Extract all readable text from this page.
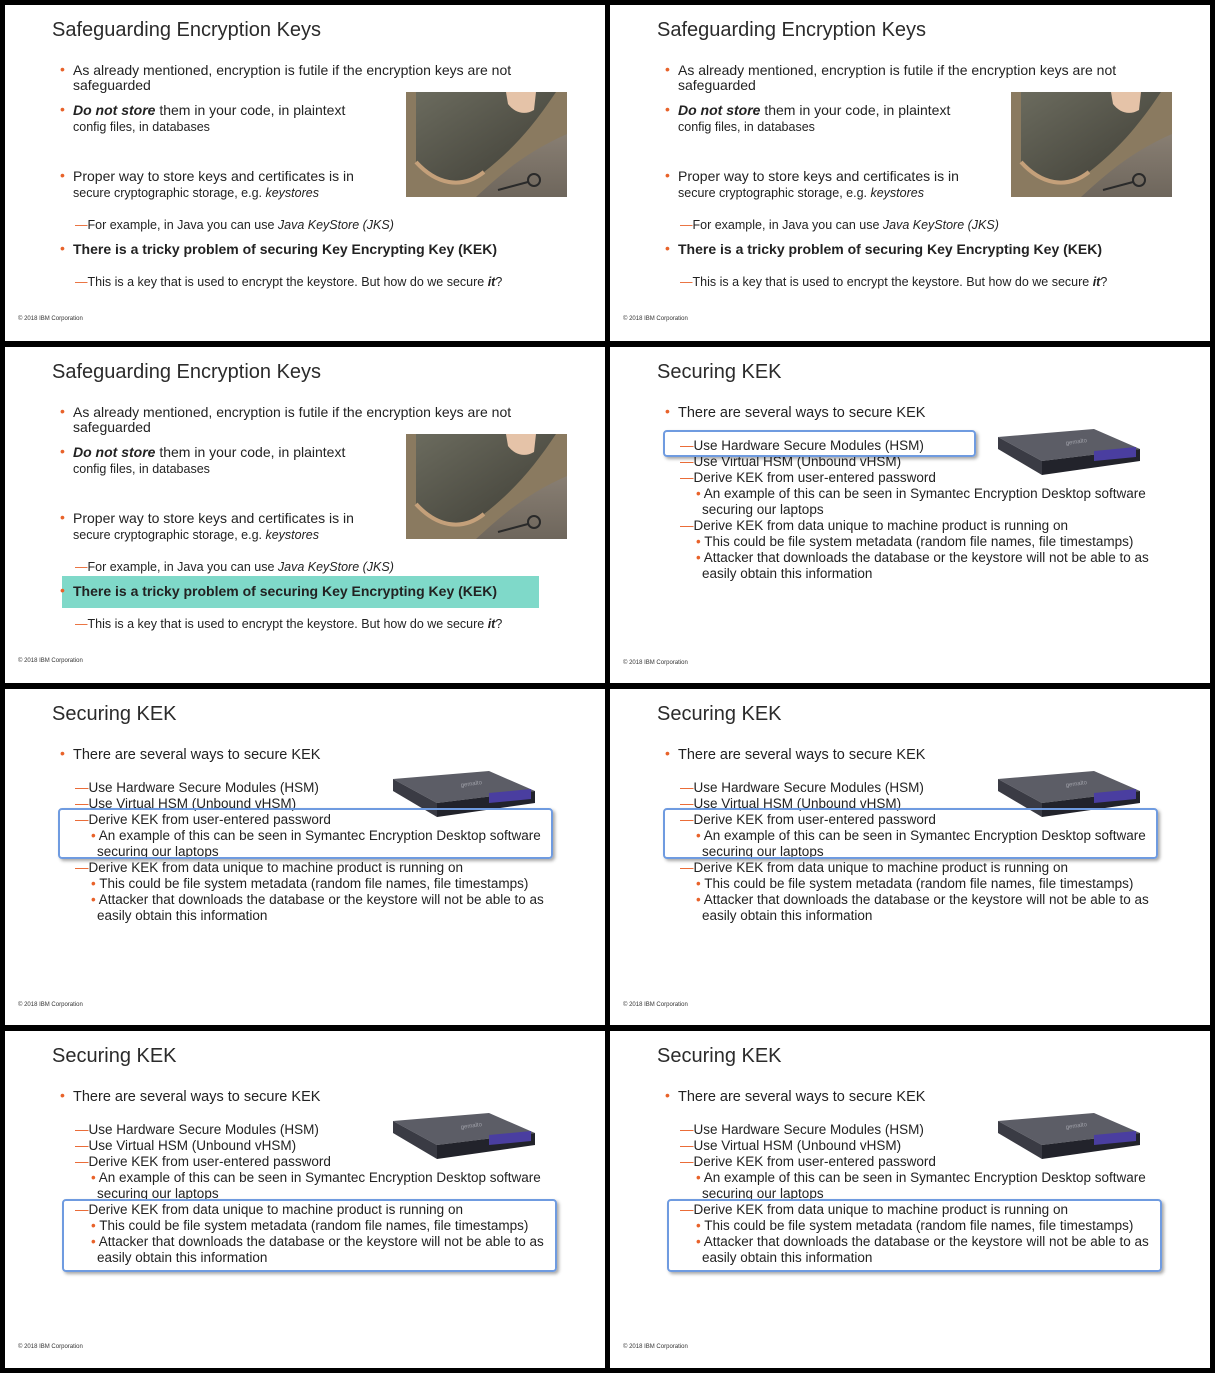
Safeguarding Encryption Keys
• As already mentioned, encryption is futile if the encryption keys are not
safeguarded
• Do not store them in your code, in plaintext
config files, in databases
• Proper way to store keys and certificates is in
secure cryptographic storage, e.g. keystores
—For example, in Java you can use Java KeyStore (JKS)
• There is a tricky problem of securing Key Encrypting Key (KEK)
—This is a key that is used to encrypt the keystore. But how do we secure it?
© 2018 IBM Corporation
Safeguarding Encryption Keys
• As already mentioned, encryption is futile if the encryption keys are not
safeguarded
• Do not store them in your code, in plaintext
config files, in databases
• Proper way to store keys and certificates is in
secure cryptographic storage, e.g. keystores
—For example, in Java you can use Java KeyStore (JKS)
• There is a tricky problem of securing Key Encrypting Key (KEK)
—This is a key that is used to encrypt the keystore. But how do we secure it?
© 2018 IBM Corporation
Safeguarding Encryption Keys
• As already mentioned, encryption is futile if the encryption keys are not
safeguarded
• Do not store them in your code, in plaintext
config files, in databases
• Proper way to store keys and certificates is in
secure cryptographic storage, e.g. keystores
—For example, in Java you can use Java KeyStore (JKS)
• There is a tricky problem of securing Key Encrypting Key (KEK)
—This is a key that is used to encrypt the keystore. But how do we secure it?
© 2018 IBM Corporation
Securing KEK
• There are several ways to secure KEK
—Use Hardware Secure Modules (HSM)
—Use Virtual HSM (Unbound vHSM)
—Derive KEK from user-entered password
• An example of this can be seen in Symantec Encryption Desktop software
securing our laptops
—Derive KEK from data unique to machine product is running on
• This could be file system metadata (random file names, file timestamps)
• Attacker that downloads the database or the keystore will not be able to as
easily obtain this information
gemalto
© 2018 IBM Corporation
Securing KEK
• There are several ways to secure KEK
—Use Hardware Secure Modules (HSM)
—Use Virtual HSM (Unbound vHSM)
—Derive KEK from user-entered password
• An example of this can be seen in Symantec Encryption Desktop software
securing our laptops
—Derive KEK from data unique to machine product is running on
• This could be file system metadata (random file names, file timestamps)
• Attacker that downloads the database or the keystore will not be able to as
easily obtain this information
gemalto
© 2018 IBM Corporation
Securing KEK
• There are several ways to secure KEK
—Use Hardware Secure Modules (HSM)
—Use Virtual HSM (Unbound vHSM)
—Derive KEK from user-entered password
• An example of this can be seen in Symantec Encryption Desktop software
securing our laptops
—Derive KEK from data unique to machine product is running on
• This could be file system metadata (random file names, file timestamps)
• Attacker that downloads the database or the keystore will not be able to as
easily obtain this information
gemalto
© 2018 IBM Corporation
Securing KEK
• There are several ways to secure KEK
—Use Hardware Secure Modules (HSM)
—Use Virtual HSM (Unbound vHSM)
—Derive KEK from user-entered password
• An example of this can be seen in Symantec Encryption Desktop software
securing our laptops
—Derive KEK from data unique to machine product is running on
• This could be file system metadata (random file names, file timestamps)
• Attacker that downloads the database or the keystore will not be able to as
easily obtain this information
gemalto
© 2018 IBM Corporation
Securing KEK
• There are several ways to secure KEK
—Use Hardware Secure Modules (HSM)
—Use Virtual HSM (Unbound vHSM)
—Derive KEK from user-entered password
• An example of this can be seen in Symantec Encryption Desktop software
securing our laptops
—Derive KEK from data unique to machine product is running on
• This could be file system metadata (random file names, file timestamps)
• Attacker that downloads the database or the keystore will not be able to as
easily obtain this information
gemalto
© 2018 IBM Corporation
